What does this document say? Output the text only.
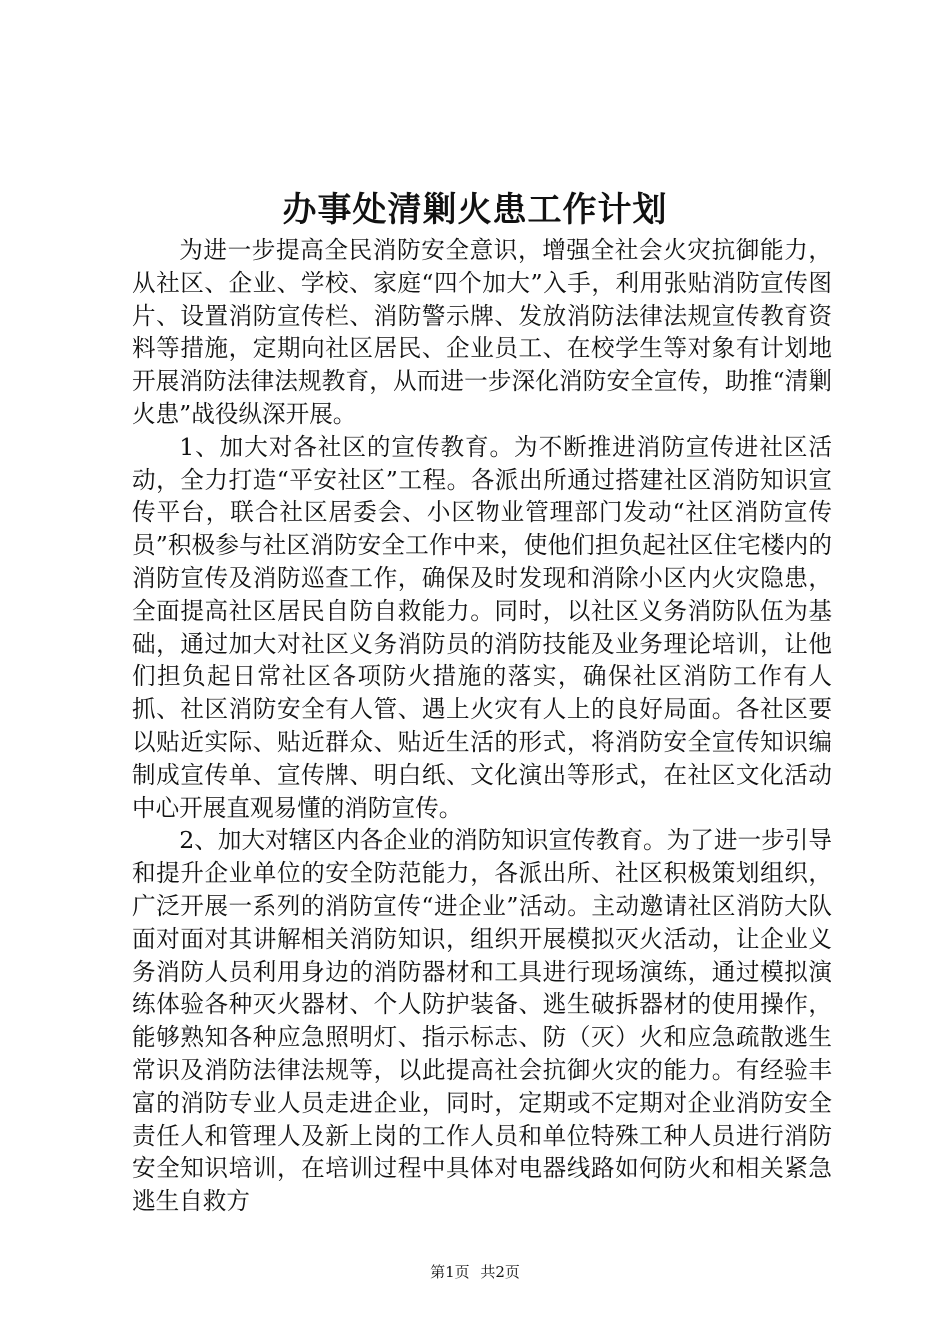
办事处清剿火患工作计划

为进一步提高全民消防安全意识，增强全社会火灾抗御能力，从社区、企业、学校、家庭“四个加大”入手，利用张贴消防宣传图片、设置消防宣传栏、消防警示牌、发放消防法律法规宣传教育资料等措施，定期向社区居民、企业员工、在校学生等对象有计划地开展消防法律法规教育，从而进一步深化消防安全宣传，助推“清剿火患”战役纵深开展。

1、加大对各社区的宣传教育。为不断推进消防宣传进社区活动，全力打造“平安社区”工程。各派出所通过搭建社区消防知识宣传平台，联合社区居委会、小区物业管理部门发动“社区消防宣传员”积极参与社区消防安全工作中来，使他们担负起社区住宅楼内的消防宣传及消防巡查工作，确保及时发现和消除小区内火灾隐患，全面提高社区居民自防自救能力。同时，以社区义务消防队伍为基础，通过加大对社区义务消防员的消防技能及业务理论培训，让他们担负起日常社区各项防火措施的落实，确保社区消防工作有人抓、社区消防安全有人管、遇上火灾有人上的良好局面。各社区要以贴近实际、贴近群众、贴近生活的形式，将消防安全宣传知识编制成宣传单、宣传牌、明白纸、文化演出等形式，在社区文化活动中心开展直观易懂的消防宣传。

2、加大对辖区内各企业的消防知识宣传教育。为了进一步引导和提升企业单位的安全防范能力，各派出所、社区积极策划组织，广泛开展一系列的消防宣传“进企业”活动。主动邀请社区消防大队面对面对其讲解相关消防知识，组织开展模拟灭火活动，让企业义务消防人员利用身边的消防器材和工具进行现场演练，通过模拟演练体验各种灭火器材、个人防护装备、逃生破拆器材的使用操作，能够熟知各种应急照明灯、指示标志、防（灭）火和应急疏散逃生常识及消防法律法规等，以此提高社会抗御火灾的能力。有经验丰富的消防专业人员走进企业，同时，定期或不定期对企业消防安全责任人和管理人及新上岗的工作人员和单位特殊工种人员进行消防安全知识培训，在培训过程中具体对电器线路如何防火和相关紧急逃生自救方

第1页 共2页
